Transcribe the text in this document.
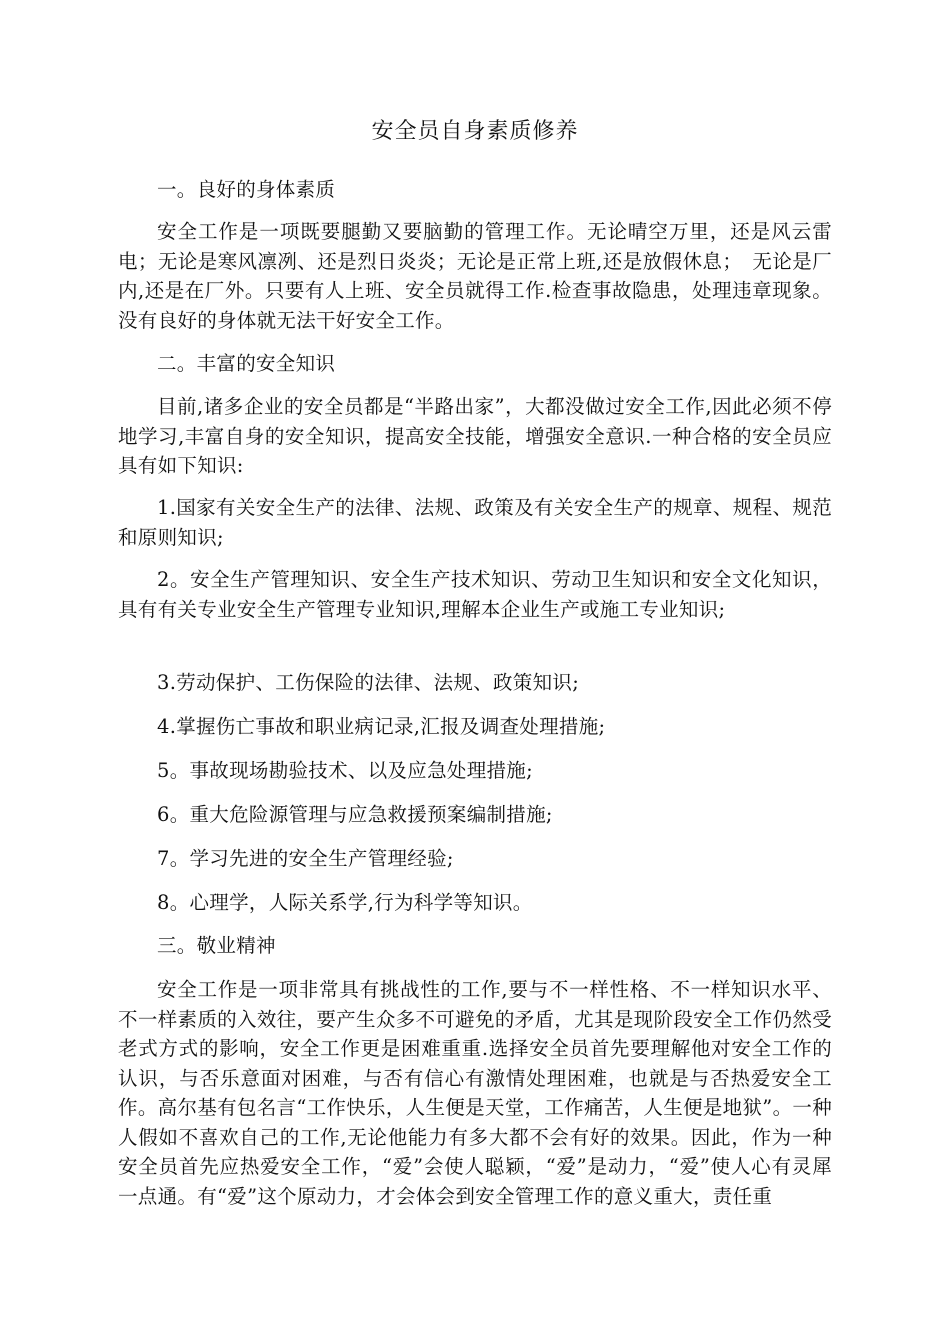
安全员自身素质修养

一。良好的身体素质

安全工作是一项既要腿勤又要脑勤的管理工作。无论晴空万里，还是风云雷电；无论是寒风凛冽、还是烈日炎炎；无论是正常上班,还是放假休息；　无论是厂内,还是在厂外。只要有人上班、安全员就得工作.检查事故隐患，处理违章现象。没有良好的身体就无法干好安全工作。

二。丰富的安全知识

目前,诸多企业的安全员都是“半路出家”，大都没做过安全工作,因此必须不停地学习,丰富自身的安全知识，提高安全技能，增强安全意识.一种合格的安全员应具有如下知识:

1.国家有关安全生产的法律、法规、政策及有关安全生产的规章、规程、规范和原则知识;

2。安全生产管理知识、安全生产技术知识、劳动卫生知识和安全文化知识，具有有关专业安全生产管理专业知识,理解本企业生产或施工专业知识;

3.劳动保护、工伤保险的法律、法规、政策知识;

4.掌握伤亡事故和职业病记录,汇报及调查处理措施;

5。事故现场勘验技术、以及应急处理措施;

6。重大危险源管理与应急救援预案编制措施;

7。学习先进的安全生产管理经验;

8。心理学，人际关系学,行为科学等知识。

三。敬业精神

安全工作是一项非常具有挑战性的工作,要与不一样性格、不一样知识水平、不一样素质的入效往，要产生众多不可避免的矛盾，尤其是现阶段安全工作仍然受老式方式的影响，安全工作更是困难重重.选择安全员首先要理解他对安全工作的认识，与否乐意面对困难，与否有信心有激情处理困难，也就是与否热爱安全工作。高尔基有包名言“工作快乐，人生便是天堂，工作痛苦，人生便是地狱”。一种人假如不喜欢自己的工作,无论他能力有多大都不会有好的效果。因此，作为一种安全员首先应热爱安全工作，“爱”会使人聪颖，“爱”是动力，“爱”使人心有灵犀一点通。有“爱”这个原动力，才会体会到安全管理工作的意义重大，责任重
